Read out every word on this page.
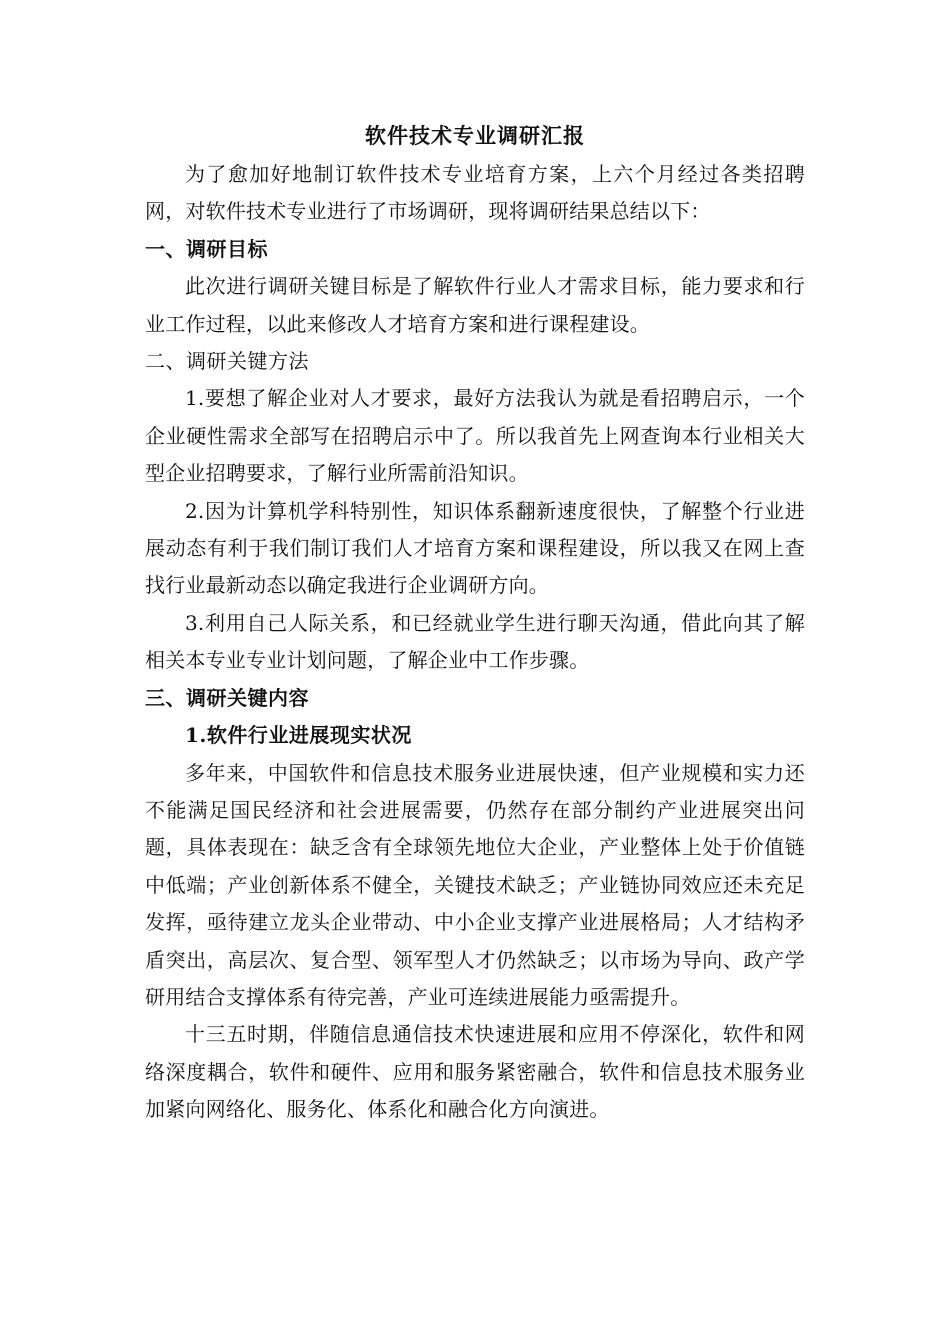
软件技术专业调研汇报

为了愈加好地制订软件技术专业培育方案，上六个月经过各类招聘网，对软件技术专业进行了市场调研，现将调研结果总结以下：

一、调研目标

此次进行调研关键目标是了解软件行业人才需求目标，能力要求和行业工作过程，以此来修改人才培育方案和进行课程建设。

二、调研关键方法

1.要想了解企业对人才要求，最好方法我认为就是看招聘启示，一个企业硬性需求全部写在招聘启示中了。所以我首先上网查询本行业相关大型企业招聘要求，了解行业所需前沿知识。

2.因为计算机学科特别性，知识体系翻新速度很快，了解整个行业进展动态有利于我们制订我们人才培育方案和课程建设，所以我又在网上查找行业最新动态以确定我进行企业调研方向。

3.利用自己人际关系，和已经就业学生进行聊天沟通，借此向其了解相关本专业专业计划问题，了解企业中工作步骤。

三、调研关键内容

1.软件行业进展现实状况

多年来，中国软件和信息技术服务业进展快速，但产业规模和实力还不能满足国民经济和社会进展需要，仍然存在部分制约产业进展突出问题，具体表现在：缺乏含有全球领先地位大企业，产业整体上处于价值链中低端；产业创新体系不健全，关键技术缺乏；产业链协同效应还未充足发挥，亟待建立龙头企业带动、中小企业支撑产业进展格局；人才结构矛盾突出，高层次、复合型、领军型人才仍然缺乏；以市场为导向、政产学研用结合支撑体系有待完善，产业可连续进展能力亟需提升。

十三五时期，伴随信息通信技术快速进展和应用不停深化，软件和网络深度耦合，软件和硬件、应用和服务紧密融合，软件和信息技术服务业加紧向网络化、服务化、体系化和融合化方向演进。
